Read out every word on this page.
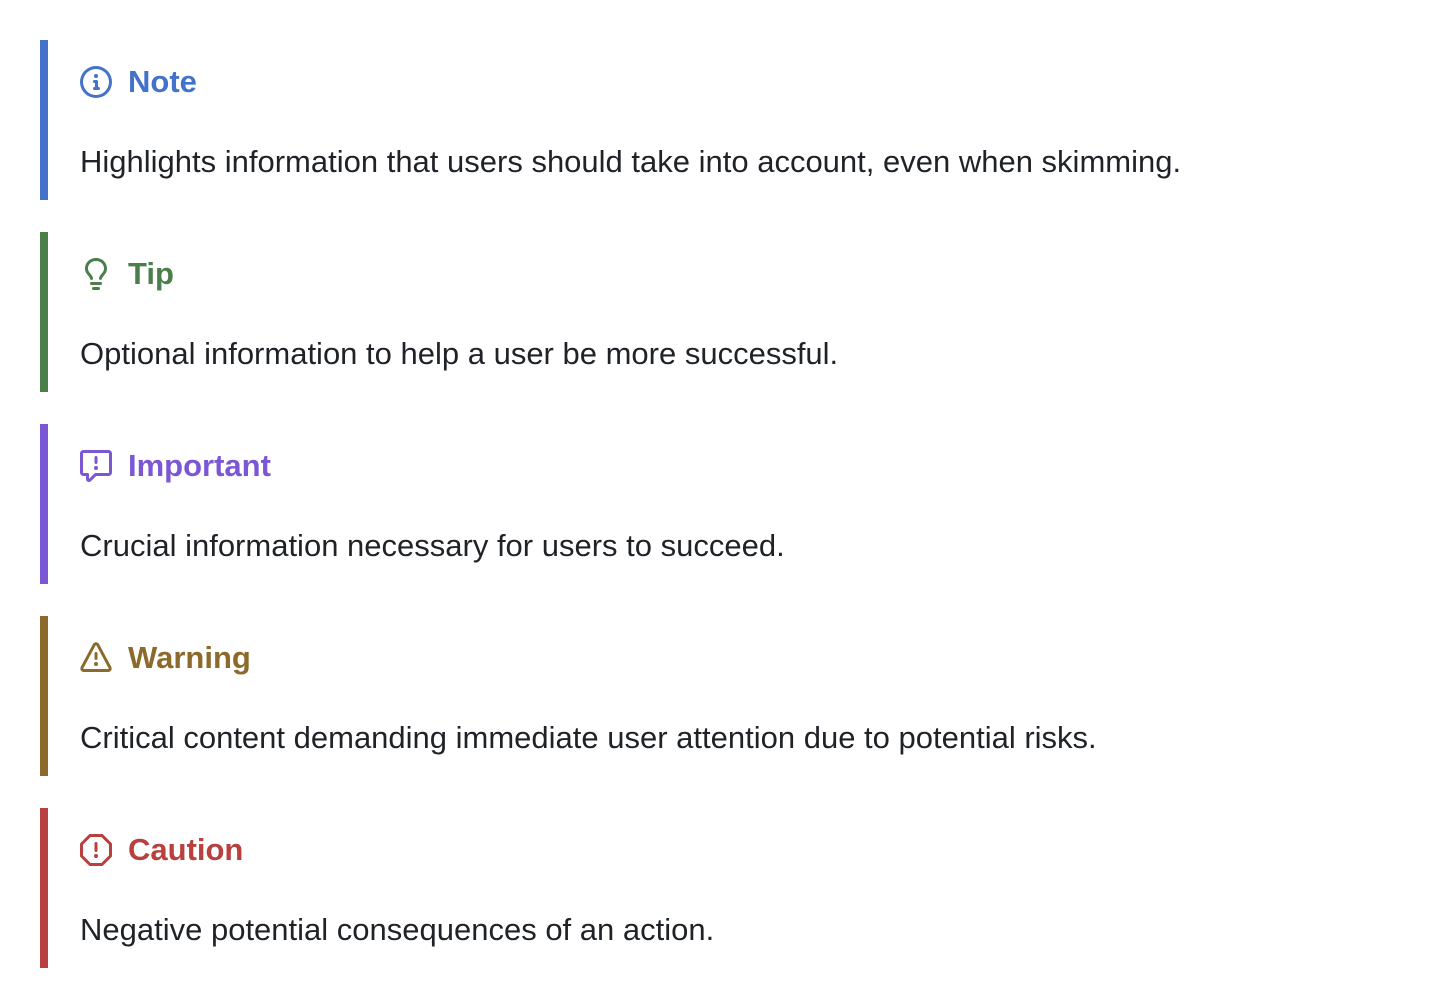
Note
Highlights information that users should take into account, even when skimming.
Tip
Optional information to help a user be more successful.
Important
Crucial information necessary for users to succeed.
Warning
Critical content demanding immediate user attention due to potential risks.
Caution
Negative potential consequences of an action.
